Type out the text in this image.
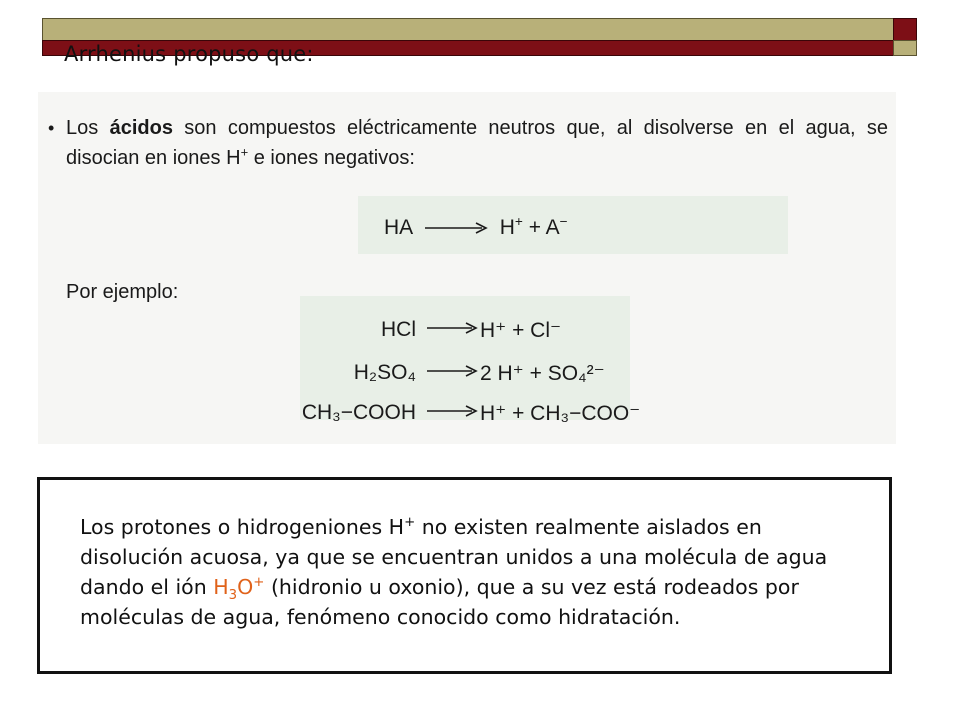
Arrhenius propuso que:
• Los ácidos son compuestos eléctricamente neutros que, al disolverse en el agua, se disocian en iones H+ e iones negativos:
HA → H+ + A−
Por ejemplo:
HCl → H⁺ + Cl⁻
H₂SO₄ → 2 H⁺ + SO₄²⁻
CH₃−COOH → H⁺ + CH₃−COO⁻
Los protones o hidrogeniones H+ no existen realmente aislados en disolución acuosa, ya que se encuentran unidos a una molécula de agua dando el ión $H_3O^+$ (hidronio u oxonio), que a su vez está rodeados por moléculas de agua, fenómeno conocido como hidratación.
